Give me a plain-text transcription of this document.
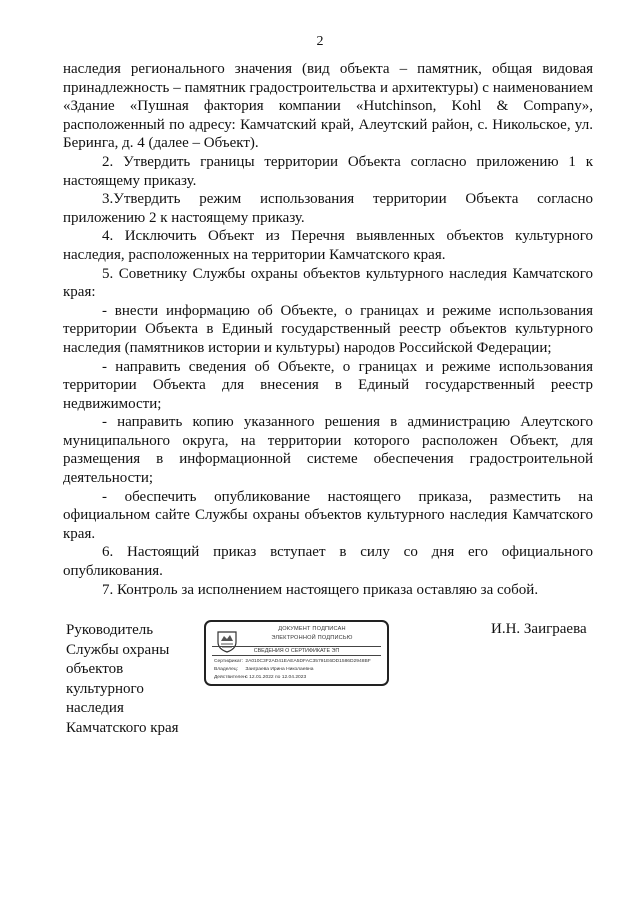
2

наследия регионального значения (вид объекта – памятник, общая видовая принадлежность – памятник градостроительства и архитектуры) с наименованием «Здание «Пушная фактория компании «Hutchinson, Kohl & Company», расположенный по адресу: Камчатский край, Алеутский район, с. Никольское, ул. Беринга, д. 4 (далее – Объект).

2. Утвердить границы территории Объекта согласно приложению 1 к настоящему приказу.

3.Утвердить режим использования территории Объекта согласно приложению 2 к настоящему приказу.

4. Исключить Объект из Перечня выявленных объектов культурного наследия, расположенных на территории Камчатского края.

5. Советнику Службы охраны объектов культурного наследия Камчатского края:

- внести информацию об Объекте, о границах и режиме использования территории Объекта в Единый государственный реестр объектов культурного наследия (памятников истории и культуры) народов Российской Федерации;

- направить сведения об Объекте, о границах и режиме использования территории Объекта для внесения в Единый государственный реестр недвижимости;

- направить копию указанного решения в администрацию Алеутского муниципального округа, на территории которого расположен Объект, для размещения в информационной системе обеспечения градостроительной деятельности;

- обеспечить опубликование настоящего приказа, разместить на официальном сайте Службы охраны объектов культурного наследия Камчатского края.

6. Настоящий приказ вступает в силу со дня его официального опубликования.

7. Контроль за исполнением настоящего приказа оставляю за собой.

Руководитель
Службы охраны
объектов
культурного
наследия
Камчатского края
ДОКУМЕНТ ПОДПИСАН
ЭЛЕКТРОННОЙ ПОДПИСЬЮ
СВЕДЕНИЯ О СЕРТИФИКАТЕ ЭП
Сертификат: 2A010C3F2AD41EAEA5DFAC35791E6DD1586D2948BF
Владелец: Заиграева Ирина Николаевна
Действителен: с 12.01.2022 по 12.04.2023
И.Н. Заиграева
